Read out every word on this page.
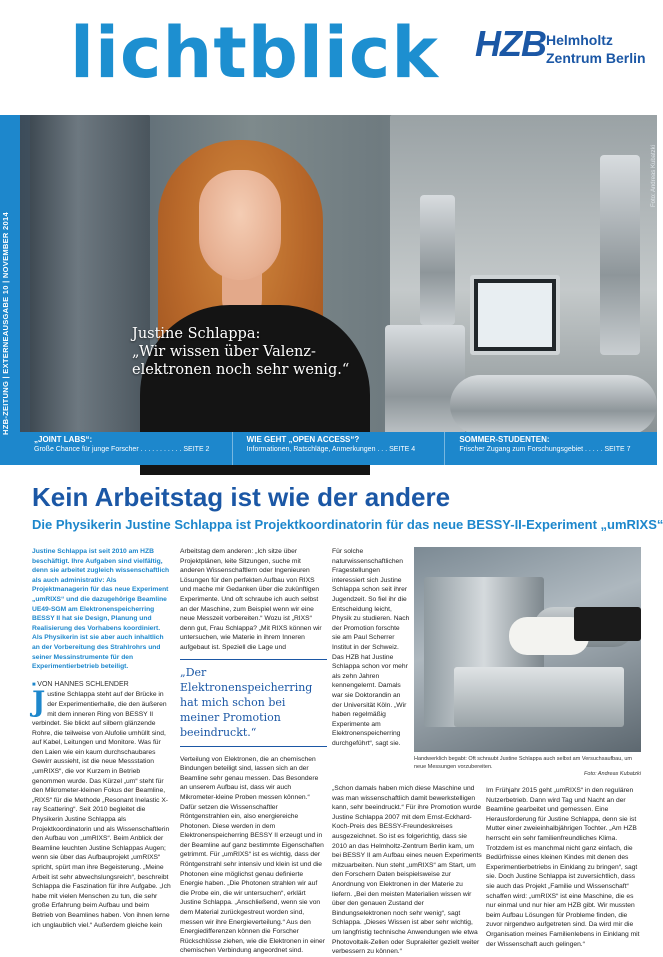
lichtblick HZB Helmholtz
Zentrum Berlin
Foto: Andreas Kubatzki
Justine Schlappa:
„Wir wissen über Valenz-
elektronen noch sehr wenig.“
„JOINT LABS“:
Große Chance für junge Forscher . . . . . . . . . . . SEITE 2
WIE GEHT „OPEN ACCESS“?
Informationen, Ratschläge, Anmerkungen . . . SEITE 4
SOMMER-STUDENTEN:
Frischer Zugang zum Forschungsgebiet . . . . . SEITE 7
Kein Arbeitstag ist wie der andere
Die Physikerin Justine Schlappa ist Projektkoordinatorin für das neue BESSY-II-Experiment „umRIXS“

Justine Schlappa ist seit 2010 am HZB beschäftigt. Ihre Aufgaben sind vielfältig, denn sie arbeitet zugleich wissenschaftlich als auch administrativ: Als Projektmanagerin für das neue Experiment „umRIXS“ und die dazugehörige Beamline UE49-SGM am Elektronenspeicherring BESSY II hat sie Design, Planung und Realisierung des Vorhabens koordiniert. Als Physikerin ist sie aber auch inhaltlich an der Vorbereitung des Strahlrohrs und seiner Messinstrumente für den Experimentierbetrieb beteiligt.

■ VON HANNES SCHLENDER

Justine Schlappa steht auf der Brücke in der Experimentierhalle, die den äußeren mit dem inneren Ring von BESSY II verbindet. Sie blickt auf silbern glänzende Rohre, die teilweise von Alufolie umhüllt sind, auf Kabel, Leitungen und Monitore. Was für den Laien wie ein kaum durchschaubares Gewirr aussieht, ist die neue Messstation „umRIXS“, die vor Kurzem in Betrieb genommen wurde. Das Kürzel „um“ steht für den Mikrometer-kleinen Fokus der Beamline, „RIXS“ für die Methode „Resonant Inelastic X-ray Scattering“. Seit 2010 begleitet die Physikerin Justine Schlappa als Projektkoordinatorin und als Wissenschaftlerin den Aufbau von „umRIXS“. Beim Anblick der Beamline leuchten Justine Schlappas Augen; wenn sie über das Aufbauprojekt „umRIXS“ spricht, spürt man ihre Begeisterung. „Meine Arbeit ist sehr abwechslungsreich“, beschreibt Schlappa die Faszination für ihre Aufgabe. „Ich habe mit vielen Menschen zu tun, die sehr große Erfahrung beim Aufbau und beim Betrieb von Beamlines haben. Von ihnen lerne ich unglaublich viel.“ Außerdem gleiche kein

Arbeitstag dem anderen: „Ich sitze über Projektplänen, leite Sitzungen, suche mit anderen Wissenschaftlern oder Ingenieuren Lösungen für den perfekten Aufbau von RIXS und mache mir Gedanken über die zukünftigen Experimente. Und oft schraube ich auch selbst an der Maschine, zum Beispiel wenn wir eine neue Messzeit vorbereiten.“ Wozu ist „RIXS“ denn gut, Frau Schlappa? „Mit RIXS können wir untersuchen, wie Materie in ihrem Inneren aufgebaut ist. Speziell die Lage und

„Der Elektronenspeicherring hat mich schon bei meiner Promotion beeindruckt.“

Verteilung von Elektronen, die an chemischen Bindungen beteiligt sind, lassen sich an der Beamline sehr genau messen. Das Besondere an unserem Aufbau ist, dass wir auch Mikrometer-kleine Proben messen können.“ Dafür setzen die Wissenschaftler Röntgenstrahlen ein, also energiereiche Photonen. Diese werden in dem Elektronenspeicherring BESSY II erzeugt und in der Beamline auf ganz bestimmte Eigenschaften getrimmt. Für „umRIXS“ ist es wichtig, dass der Röntgenstrahl sehr intensiv und klein ist und die Photonen eine möglichst genau definierte Energie haben. „Die Photonen strahlen wir auf die Probe ein, die wir untersuchen“, erklärt Justine Schlappa. „Anschließend, wenn sie von dem Material zurückgestreut worden sind, messen wir ihre Energieverteilung.“ Aus den Energiedifferenzen können die Forscher Rückschlüsse ziehen, wie die Elektronen in einer chemischen Verbindung angeordnet sind.

Für solche naturwissenschaftlichen Fragestellungen interessiert sich Justine Schlappa schon seit ihrer Jugendzeit. So fiel ihr die Entscheidung leicht, Physik zu studieren. Nach der Promotion forschte sie am Paul Scherrer Institut in der Schweiz. Das HZB hat Justine Schlappa schon vor mehr als zehn Jahren kennengelernt. Damals war sie Doktorandin an der Universität Köln. „Wir haben regelmäßig Experimente am Elektronenspeicherring durchgeführt“, sagt sie.

„Schon damals haben mich diese Maschine und was man wissenschaftlich damit bewerkstelligen kann, sehr beeindruckt.“ Für ihre Promotion wurde Justine Schlappa 2007 mit dem Ernst-Eckhard-Koch-Preis des BESSY-Freundeskreises ausgezeichnet. So ist es folgerichtig, dass sie 2010 an das Helmholtz-Zentrum Berlin kam, um bei BESSY II am Aufbau eines neuen Experiments mitzuarbeiten. Nun steht „umRIXS“ am Start, um den Forschern Daten beispielsweise zur Anordnung von Elektronen in der Materie zu liefern. „Bei den meisten Materialien wissen wir über den genauen Zustand der Bindungselektronen noch sehr wenig“, sagt Schlappa. „Dieses Wissen ist aber sehr wichtig, um langfristig technische Anwendungen wie etwa Photovoltaik-Zellen oder Supraleiter gezielt weiter verbessern zu können.“

Handwerklich begabt: Oft schraubt Justine Schlappa auch selbst am Versuchsaufbau, um neue Messungen vorzubereiten.
Foto: Andreas Kubatzki

Im Frühjahr 2015 geht „umRIXS“ in den regulären Nutzerbetrieb. Dann wird Tag und Nacht an der Beamline gearbeitet und gemessen. Eine Herausforderung für Justine Schlappa, denn sie ist Mutter einer zweieinhalbjährigen Tochter. „Am HZB herrscht ein sehr familienfreundliches Klima. Trotzdem ist es manchmal nicht ganz einfach, die Bedürfnisse eines kleinen Kindes mit denen des Experimentierbetriebs in Einklang zu bringen“, sagt sie. Doch Justine Schlappa ist zuversichtlich, dass sie auch das Projekt „Familie und Wissenschaft“ schaffen wird: „umRIXS“ ist eine Maschine, die es nur einmal und nur hier am HZB gibt. Wir mussten beim Aufbau Lösungen für Probleme finden, die zuvor nirgendwo aufgetreten sind. Da wird mir die Organisation meines Familienlebens in Einklang mit der Wissenschaft auch gelingen.“
